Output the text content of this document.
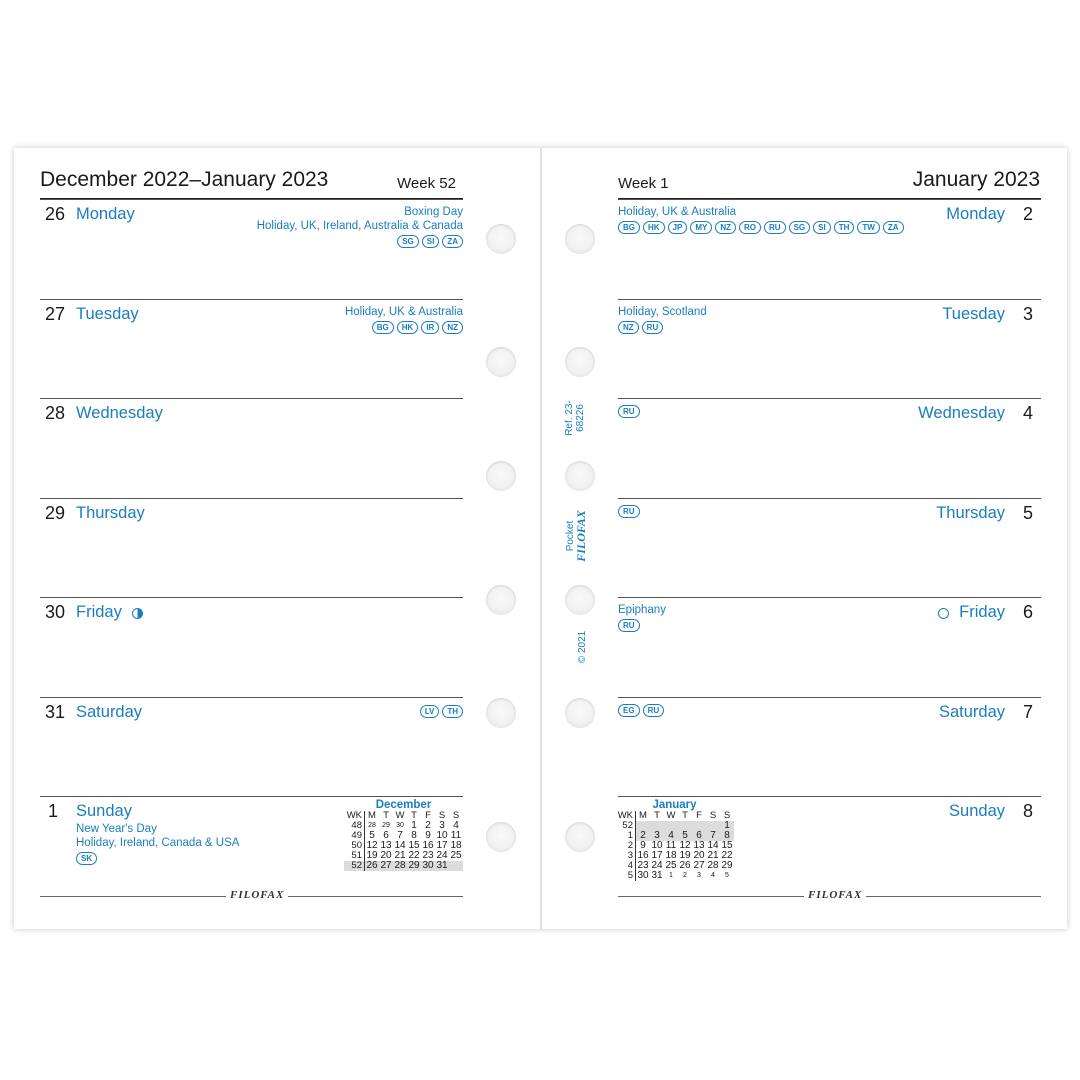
December 2022–January 2023	Week 52	Week 1	January 2023
26 Monday	Boxing Day
Holiday, UK, Ireland, Australia & Canada
SG	SI	ZA
27 Tuesday	Holiday, UK & Australia
BG	HK	IR	NZ
28 Wednesday
29 Thursday
30 Friday
31 Saturday	LV	TH
1 Sunday
New Year's Day
Holiday, Ireland, Canada & USA
SK
2
Monday
Holiday, UK & Australia
BG	HK	JP	MY	NZ	RO	RU	SG	SI	TH	TW	ZA
3
Tuesday
Holiday, Scotland
NZ	RU
4
Wednesday
RU
5
Thursday
RU
6
Friday
Epiphany
RU
7
Saturday
EG	RU
8
Sunday
Ref. 23-68226
Pocket
FILOFAX
© 2021
December
WK	M	T	W	T	F	S	S
48	28	29	30	1	2	3	4
49	5	6	7	8	9	10	11
50	12	13	14	15	16	17	18
51	19	20	21	22	23	24	25
52	26	27	28	29	30	31	
January
WK	M	T	W	T	F	S	S
52							1
1	2	3	4	5	6	7	8
2	9	10	11	12	13	14	15
3	16	17	18	19	20	21	22
4	23	24	25	26	27	28	29
5	30	31	1	2	3	4	5
FILOFAX	FILOFAX
